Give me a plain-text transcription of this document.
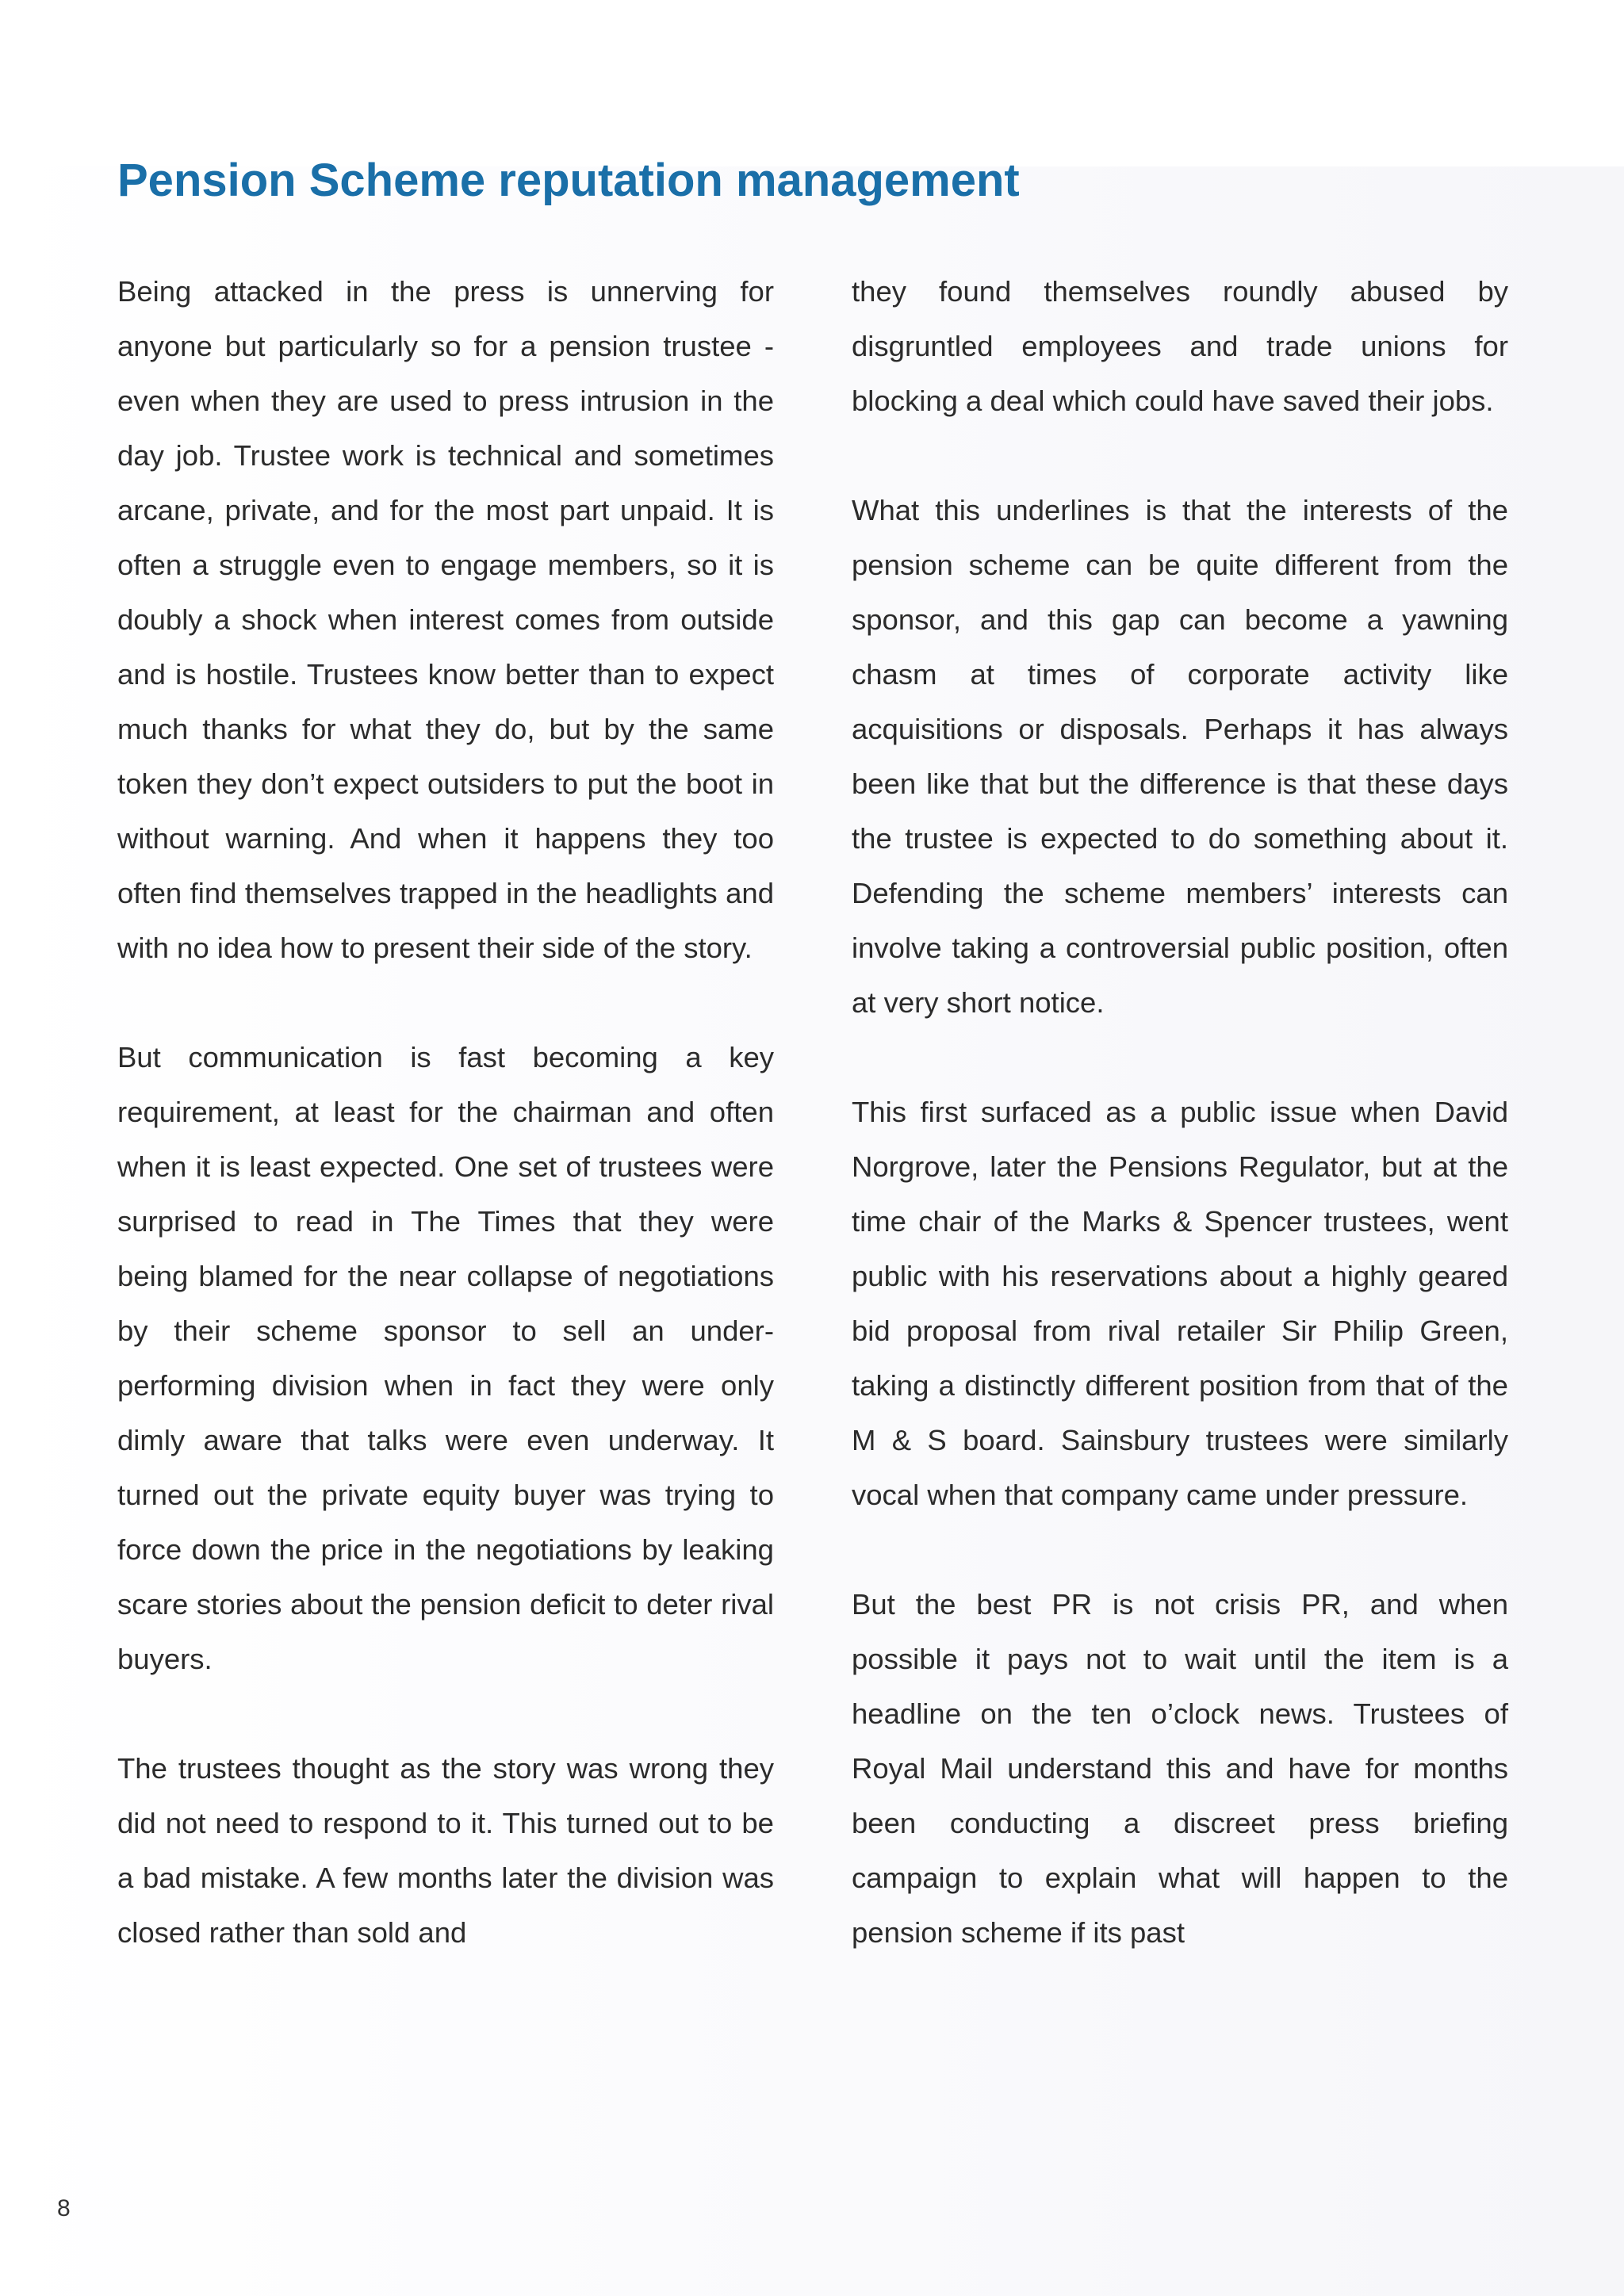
Pension Scheme reputation management

Being attacked in the press is unnerving for anyone but particularly so for a pension trustee - even when they are used to press intrusion in the day job. Trustee work is technical and sometimes arcane, private, and for the most part unpaid. It is often a struggle even to engage members, so it is doubly a shock when interest comes from outside and is hostile. Trustees know better than to expect much thanks for what they do, but by the same token they don’t expect outsiders to put the boot in without warning. And when it happens they too often find themselves trapped in the headlights and with no idea how to present their side of the story.

But communication is fast becoming a key requirement, at least for the chairman and often when it is least expected. One set of trustees were surprised to read in The Times that they were being blamed for the near collapse of negotiations by their scheme sponsor to sell an under-performing division when in fact they were only dimly aware that talks were even underway. It turned out the private equity buyer was trying to force down the price in the negotiations by leaking scare stories about the pension deficit to deter rival buyers.

The trustees thought as the story was wrong they did not need to respond to it. This turned out to be a bad mistake. A few months later the division was closed rather than sold and

they found themselves roundly abused by disgruntled employees and trade unions for blocking a deal which could have saved their jobs.

What this underlines is that the interests of the pension scheme can be quite different from the sponsor, and this gap can become a yawning chasm at times of corporate activity like acquisitions or disposals. Perhaps it has always been like that but the difference is that these days the trustee is expected to do something about it. Defending the scheme members’ interests can involve taking a controversial public position, often at very short notice.

This first surfaced as a public issue when David Norgrove, later the Pensions Regulator, but at the time chair of the Marks & Spencer trustees, went public with his reservations about a highly geared bid proposal from rival retailer Sir Philip Green, taking a distinctly different position from that of the M & S board. Sainsbury trustees were similarly vocal when that company came under pressure.

But the best PR is not crisis PR, and when possible it pays not to wait until the item is a headline on the ten o’clock news. Trustees of Royal Mail understand this and have for months been conducting a discreet press briefing campaign to explain what will happen to the pension scheme if its past

8
